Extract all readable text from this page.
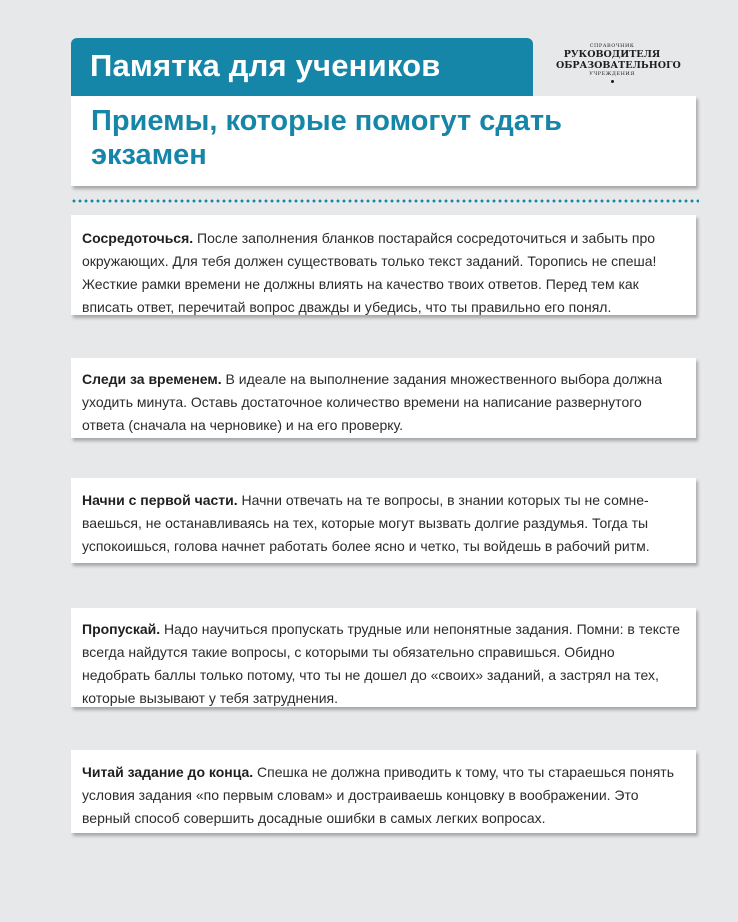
Памятка для учеников
СПРАВОЧНИК
РУКОВОДИТЕЛЯ
ОБРАЗОВАТЕЛЬНОГО
УЧРЕЖДЕНИЯ
Приемы, которые помогут сдать экзамен

Сосредоточься. После заполнения бланков постарайся сосредоточиться и забыть про окружающих. Для тебя должен существовать только текст заданий. Торопись не спеша! Жесткие рамки времени не должны влиять на качество твоих ответов. Перед тем как вписать ответ, перечитай вопрос дважды и убедись, что ты правильно его понял.

Следи за временем. В идеале на выполнение задания множественного выбора должна уходить минута. Оставь достаточное количество времени на написание развернутого ответа (сначала на черновике) и на его проверку.

Начни с первой части. Начни отвечать на те вопросы, в знании которых ты не сомневаешься, не останавливаясь на тех, которые могут вызвать долгие раздумья. Тогда ты успокоишься, голова начнет работать более ясно и четко, ты войдешь в рабочий ритм.

Пропускай. Надо научиться пропускать трудные или непонятные задания. Помни: в тексте всегда найдутся такие вопросы, с которыми ты обязательно справишься. Обидно недобрать баллы только потому, что ты не дошел до «своих» заданий, а застрял на тех, которые вызывают у тебя затруднения.

Читай задание до конца. Спешка не должна приводить к тому, что ты стараешься понять условия задания «по первым словам» и достраиваешь концовку в воображении. Это верный способ совершить досадные ошибки в самых легких вопросах.
